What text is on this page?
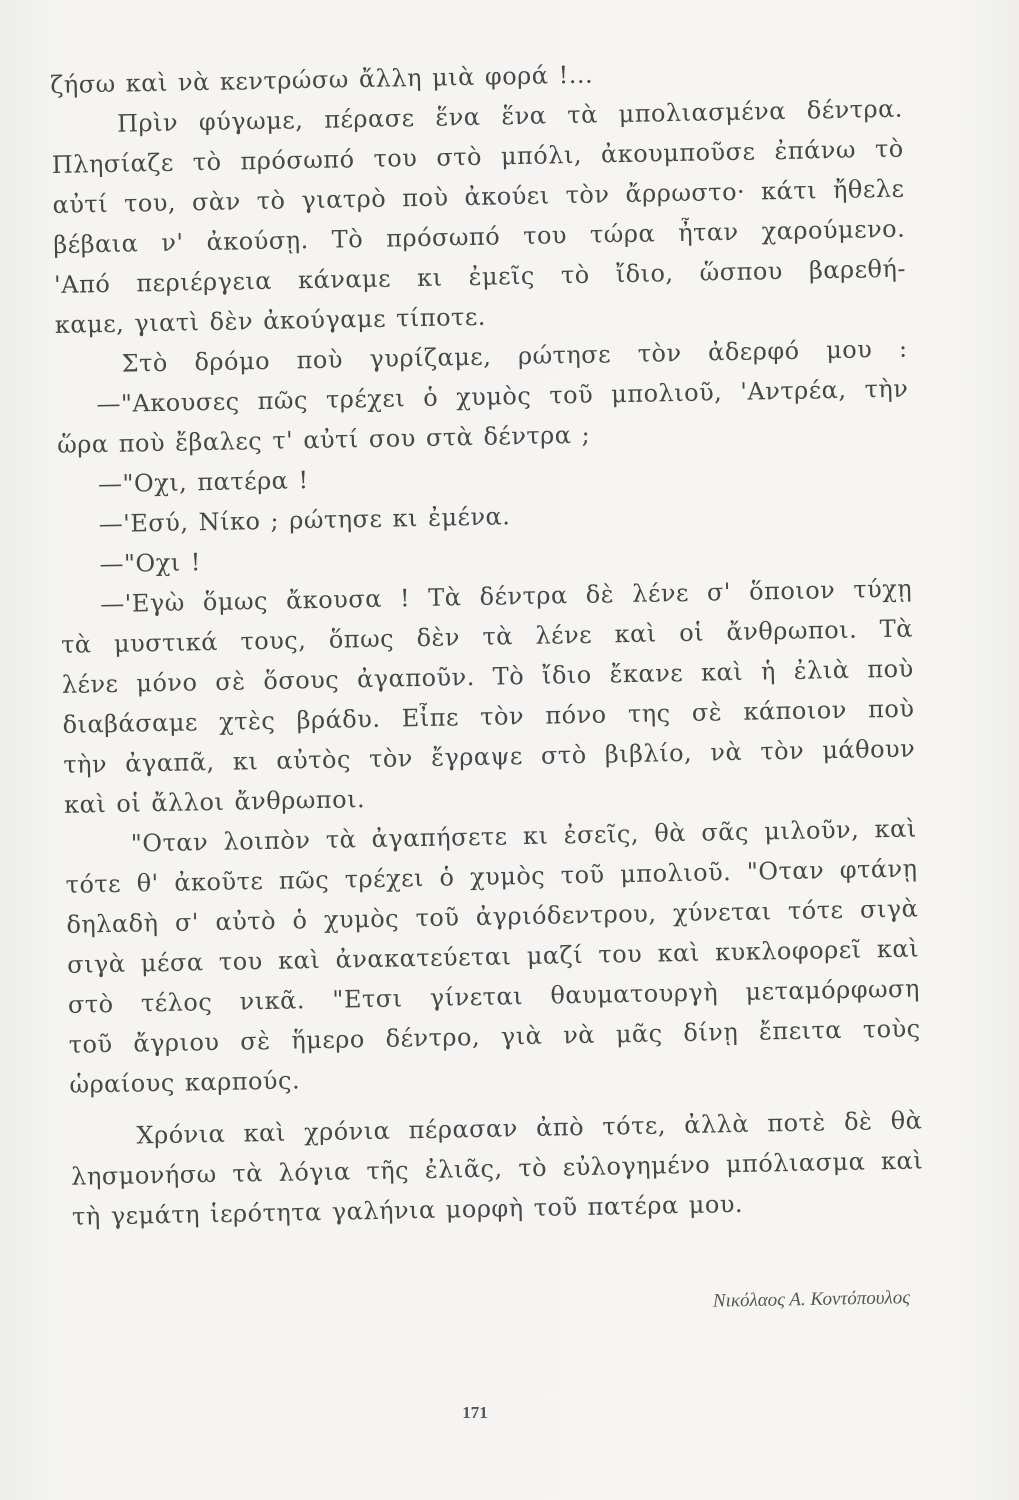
ζήσω καὶ νὰ κεντρώσω ἄλλη μιὰ φορά !...
Πρὶν φύγωμε, πέρασε ἕνα ἕνα τὰ μπολιασμένα δέντρα.
Πλησίαζε τὸ πρόσωπό του στὸ μπόλι, ἀκουμποῦσε ἐπάνω τὸ
αὐτί του, σὰν τὸ γιατρὸ ποὺ ἀκούει τὸν ἄρρωστο· κάτι ἤθελε
βέβαια ν' ἀκούσῃ. Τὸ πρόσωπό του τώρα ἦταν χαρούμενο.
'Από περιέργεια κάναμε κι ἐμεῖς τὸ ἴδιο, ὥσπου βαρεθή-
καμε, γιατὶ δὲν ἀκούγαμε τίποτε.
Στὸ δρόμο ποὺ γυρίζαμε, ρώτησε τὸν ἀδερφό μου :
—"Ακουσες πῶς τρέχει ὁ χυμὸς τοῦ μπολιοῦ, 'Αντρέα, τὴν
ὥρα ποὺ ἔβαλες τ' αὐτί σου στὰ δέντρα ;
—"Οχι, πατέρα !
—'Εσύ, Νίκο ; ρώτησε κι ἐμένα.
—"Οχι !
—'Εγὼ ὅμως ἄκουσα ! Τὰ δέντρα δὲ λένε σ' ὅποιον τύχῃ
τὰ μυστικά τους, ὅπως δὲν τὰ λένε καὶ οἱ ἄνθρωποι. Τὰ
λένε μόνο σὲ ὅσους ἀγαποῦν. Τὸ ἴδιο ἔκανε καὶ ἡ ἐλιὰ ποὺ
διαβάσαμε χτὲς βράδυ. Εἶπε τὸν πόνο της σὲ κάποιον ποὺ
τὴν ἀγαπᾶ, κι αὐτὸς τὸν ἔγραψε στὸ βιβλίο, νὰ τὸν μάθουν
καὶ οἱ ἄλλοι ἄνθρωποι.
"Οταν λοιπὸν τὰ ἀγαπήσετε κι ἐσεῖς, θὰ σᾶς μιλοῦν, καὶ
τότε θ' ἀκοῦτε πῶς τρέχει ὁ χυμὸς τοῦ μπολιοῦ. "Οταν φτάνῃ
δηλαδὴ σ' αὐτὸ ὁ χυμὸς τοῦ ἀγριόδεντρου, χύνεται τότε σιγὰ
σιγὰ μέσα του καὶ ἀνακατεύεται μαζί του καὶ κυκλοφορεῖ καὶ
στὸ τέλος νικᾶ. "Ετσι γίνεται θαυματουργὴ μεταμόρφωση
τοῦ ἄγριου σὲ ἥμερο δέντρο, γιὰ νὰ μᾶς δίνῃ ἔπειτα τοὺς
ὡραίους καρπούς.
Χρόνια καὶ χρόνια πέρασαν ἀπὸ τότε, ἀλλὰ ποτὲ δὲ θὰ
λησμονήσω τὰ λόγια τῆς ἐλιᾶς, τὸ εὐλογημένο μπόλιασμα καὶ
τὴ γεμάτη ἱερότητα γαλήνια μορφὴ τοῦ πατέρα μου.
Νικόλαος Α. Κοντόπουλος
171
